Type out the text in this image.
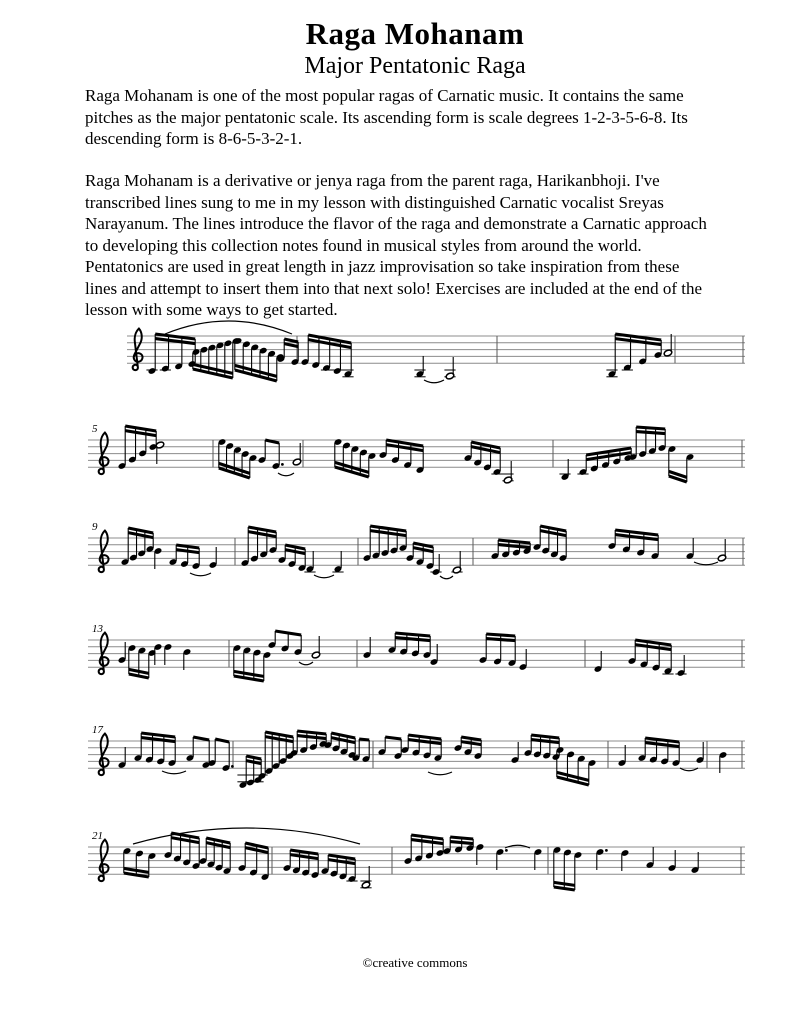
Raga Mohanam
Major Pentatonic Raga
Raga Mohanam is one of the most popular ragas of Carnatic music. It contains the same pitches as the major pentatonic scale. Its ascending form is scale degrees 1-2-3-5-6-8. Its descending form is 8-6-5-3-2-1.
Raga Mohanam is a derivative or jenya raga from the parent raga, Harikanbhoji. I've transcribed lines sung to me in my lesson with distinguished Carnatic vocalist Sreyas Narayanum. The lines introduce the flavor of the raga and demonstrate a Carnatic approach to developing this collection notes found in musical styles from around the world. Pentatonics are used in great length in jazz improvisation so take inspiration from these lines and attempt to insert them into that next solo! Exercises are included at the end of the lesson with some ways to get started.
5
9
13
17
21
©creative commons
